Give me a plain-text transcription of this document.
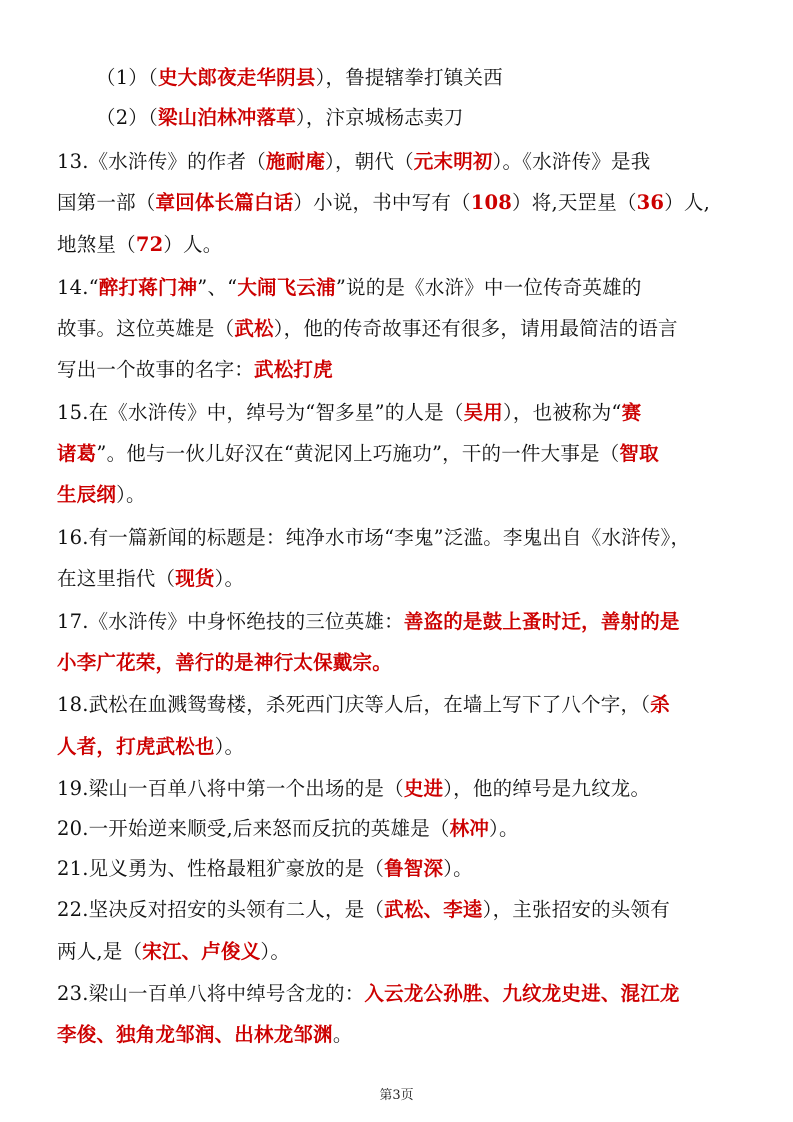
（1）（史大郎夜走华阴县），鲁提辖拳打镇关西
（2）（梁山泊林冲落草），汴京城杨志卖刀
13.《水浒传》的作者（施耐庵），朝代（元末明初）。《水浒传》是我
国第一部（章回体长篇白话）小说，书中写有（108）将,天罡星（36）人,
地煞星（72）人。
14.“醉打蒋门神”、“大闹飞云浦”说的是《水浒》中一位传奇英雄的
故事。这位英雄是（武松），他的传奇故事还有很多，请用最简洁的语言
写出一个故事的名字：武松打虎
15.在《水浒传》中，绰号为“智多星”的人是（吴用），也被称为“赛
诸葛”。他与一伙儿好汉在“黄泥冈上巧施功”，干的一件大事是（智取
生辰纲）。
16.有一篇新闻的标题是：纯净水市场“李鬼”泛滥。李鬼出自《水浒传》，
在这里指代（现货）。
17.《水浒传》中身怀绝技的三位英雄：善盗的是鼓上蚤时迁，善射的是
小李广花荣，善行的是神行太保戴宗。
18.武松在血溅鸳鸯楼，杀死西门庆等人后，在墙上写下了八个字，（杀
人者，打虎武松也）。
19.梁山一百单八将中第一个出场的是（史进），他的绰号是九纹龙。
20.一开始逆来顺受,后来怒而反抗的英雄是（林冲）。
21.见义勇为、性格最粗犷豪放的是（鲁智深）。
22.坚决反对招安的头领有二人，是（武松、李逵），主张招安的头领有
两人,是（宋江、卢俊义）。
23.梁山一百单八将中绰号含龙的：入云龙公孙胜、九纹龙史进、混江龙
李俊、独角龙邹润、出林龙邹渊。
第3页
